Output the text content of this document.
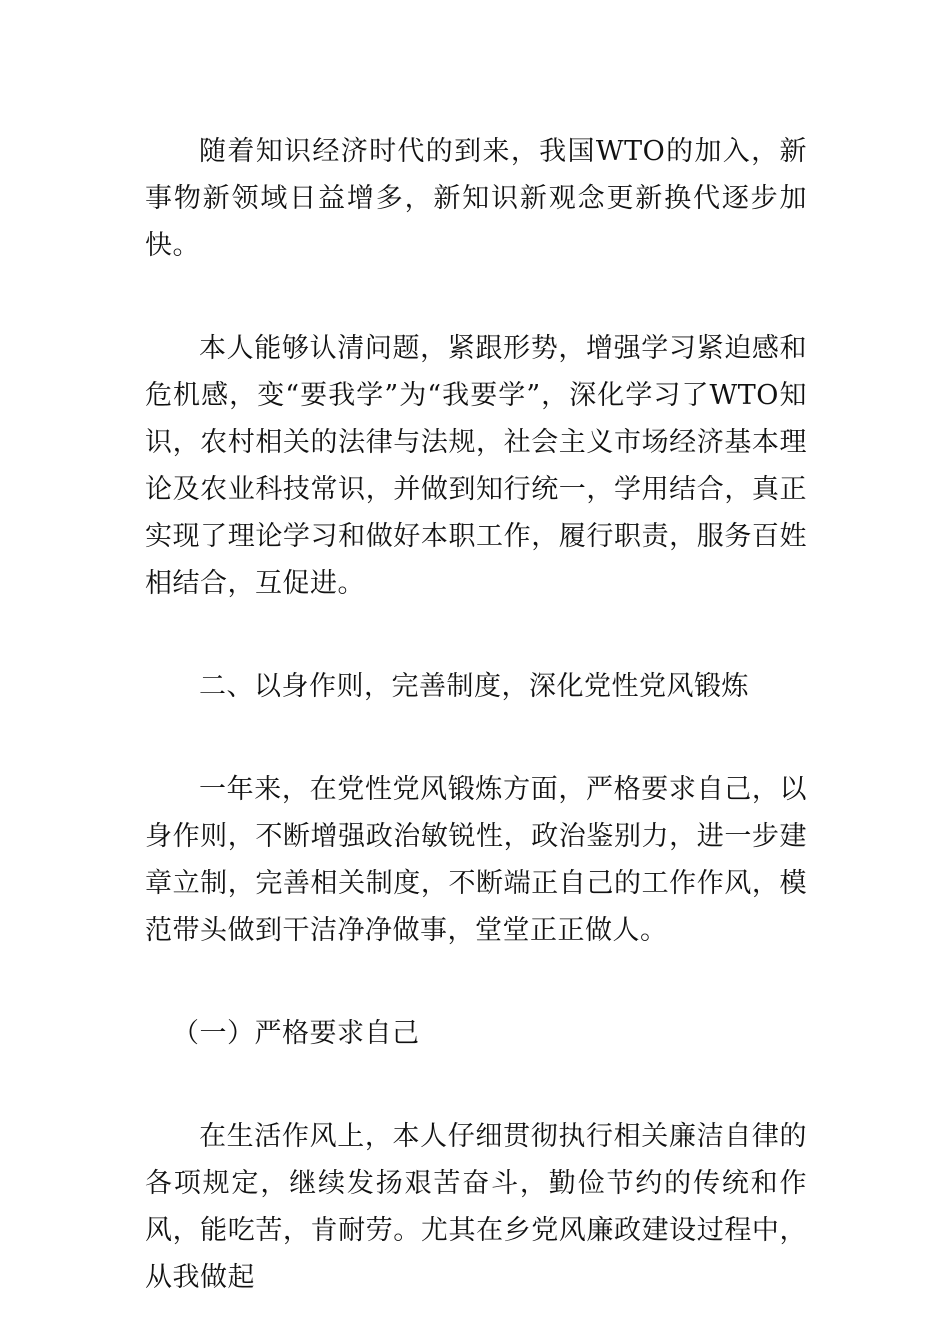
随着知识经济时代的到来，我国WTO的加入，新事物新领域日益增多，新知识新观念更新换代逐步加快。

本人能够认清问题，紧跟形势，增强学习紧迫感和危机感，变“要我学”为“我要学”，深化学习了WTO知识，农村相关的法律与法规，社会主义市场经济基本理论及农业科技常识，并做到知行统一，学用结合，真正实现了理论学习和做好本职工作，履行职责，服务百姓相结合，互促进。

二、以身作则，完善制度，深化党性党风锻炼

一年来，在党性党风锻炼方面，严格要求自己，以身作则，不断增强政治敏锐性，政治鉴别力，进一步建章立制，完善相关制度，不断端正自己的工作作风，模范带头做到干洁净净做事，堂堂正正做人。

（一）严格要求自己

在生活作风上，本人仔细贯彻执行相关廉洁自律的各项规定，继续发扬艰苦奋斗，勤俭节约的传统和作风，能吃苦，肯耐劳。尤其在乡党风廉政建设过程中，从我做起
